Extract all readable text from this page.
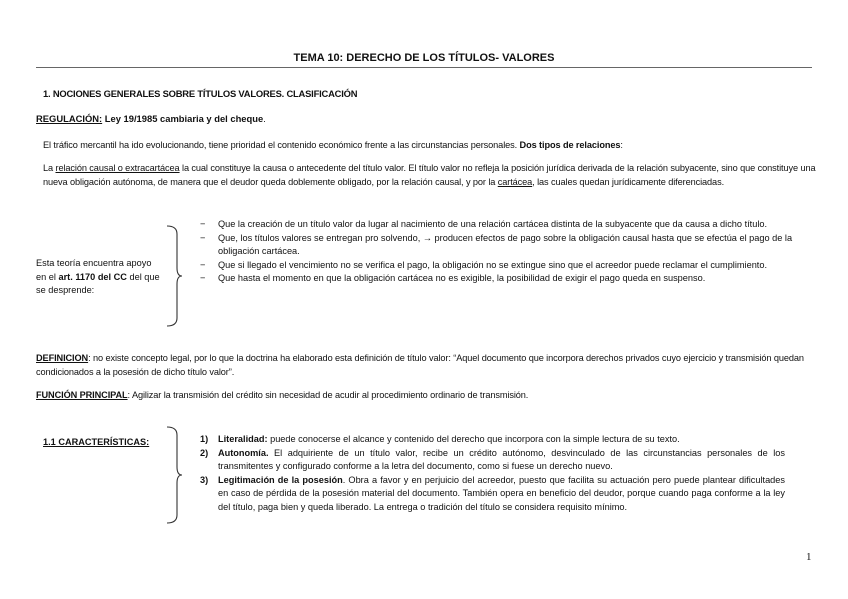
TEMA 10: DERECHO DE LOS TÍTULOS- VALORES
1. NOCIONES GENERALES SOBRE TÍTULOS VALORES. CLASIFICACIÓN
REGULACIÓN: Ley 19/1985 cambiaria y del cheque.
El tráfico mercantil ha ido evolucionando, tiene prioridad el contenido económico frente a las circunstancias personales. Dos tipos de relaciones:
La relación causal o extracartácea la cual constituye la causa o antecedente del título valor. El título valor no refleja la posición jurídica derivada de la relación subyacente, sino que constituye una nueva obligación autónoma, de manera que el deudor queda doblemente obligado, por la relación causal, y por la cartácea, las cuales quedan jurídicamente diferenciadas.
Esta teoría encuentra apoyo en el art. 1170 del CC del que se desprende:
−	Que la creación de un título valor da lugar al nacimiento de una relación cartácea distinta de la subyacente que da causa a dicho título.
−	Que, los títulos valores se entregan pro solvendo, → producen efectos de pago sobre la obligación causal hasta que se efectúa el pago de la obligación cartácea.
−	Que si llegado el vencimiento no se verifica el pago, la obligación no se extingue sino que el acreedor puede reclamar el cumplimiento.
−	Que hasta el momento en que la obligación cartácea no es exigible, la posibilidad de exigir el pago queda en suspenso.
DEFINICION: no existe concepto legal, por lo que la doctrina ha elaborado esta definición de título valor: “Aquel documento que incorpora derechos privados cuyo ejercicio y transmisión quedan condicionados a la posesión de dicho título valor”.
FUNCIÓN PRINCIPAL: Agilizar la transmisión del crédito sin necesidad de acudir al procedimiento ordinario de transmisión.
1.1 CARACTERÍSTICAS:	1) Literalidad: puede conocerse el alcance y contenido del derecho que incorpora con la simple lectura de su texto.
2) Autonomía. El adquiriente de un título valor, recibe un crédito autónomo, desvinculado de las circunstancias personales de los transmitentes y configurado conforme a la letra del documento, como si fuese un derecho nuevo.
3) Legitimación de la posesión. Obra a favor y en perjuicio del acreedor, puesto que facilita su actuación pero puede plantear dificultades en caso de pérdida de la posesión material del documento. También opera en beneficio del deudor, porque cuando paga conforme a la ley del título, paga bien y queda liberado. La entrega o tradición del título se considera requisito mínimo.
1
